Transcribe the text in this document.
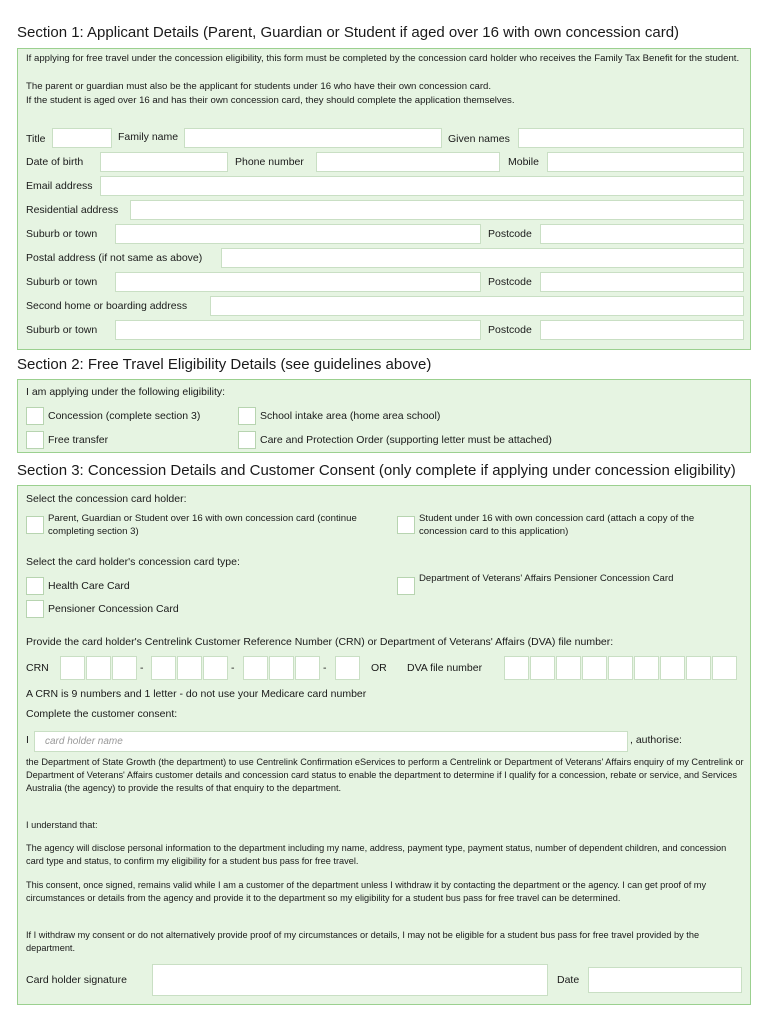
Section 1: Applicant Details (Parent, Guardian or Student if aged over 16 with own concession card)
If applying for free travel under the concession eligibility, this form must be completed by the concession card holder who receives the Family Tax Benefit for the student.
The parent or guardian must also be the applicant for students under 16 who have their own concession card.
If the student is aged over 16 and has their own concession card, they should complete the application themselves.
Title	Family name	Given names
Date of birth	Phone number	Mobile
Email address
Residential address
Suburb or town	Postcode
Postal address (if not same as above)
Suburb or town	Postcode
Second home or boarding address
Suburb or town	Postcode
Section 2: Free Travel Eligibility Details (see guidelines above)
I am applying under the following eligibility:
Concession (complete section 3)	School intake area (home area school)
Free transfer	Care and Protection Order (supporting letter must be attached)
Section 3: Concession Details and Customer Consent (only complete if applying under concession eligibility)
Select the concession card holder:
Parent, Guardian or Student over 16 with own concession card (continue completing section 3)
Student under 16 with own concession card (attach a copy of the concession card to this application)
Select the card holder's concession card type:
Health Care Card
Department of Veterans' Affairs Pensioner Concession Card
Pensioner Concession Card
Provide the card holder's Centrelink Customer Reference Number (CRN) or Department of Veterans' Affairs (DVA) file number:
CRN	-	-	-	OR DVA file number
A CRN is 9 numbers and 1 letter - do not use your Medicare card number
Complete the customer consent:
I card holder name	, authorise:
the Department of State Growth (the department) to use Centrelink Confirmation eServices to perform a Centrelink or Department of Veterans' Affairs enquiry of my Centrelink or Department of Veterans' Affairs customer details and concession card status to enable the department to determine if I qualify for a concession, rebate or service, and Services Australia (the agency) to provide the results of that enquiry to the department.
I understand that:
The agency will disclose personal information to the department including my name, address, payment type, payment status, number of dependent children, and concession card type and status, to confirm my eligibility for a student bus pass for free travel.
This consent, once signed, remains valid while I am a customer of the department unless I withdraw it by contacting the department or the agency. I can get proof of my circumstances or details from the agency and provide it to the department so my eligibility for a student bus pass for free travel can be determined.
If I withdraw my consent or do not alternatively provide proof of my circumstances or details, I may not be eligible for a student bus pass for free travel provided by the department.
Card holder signature	Date
